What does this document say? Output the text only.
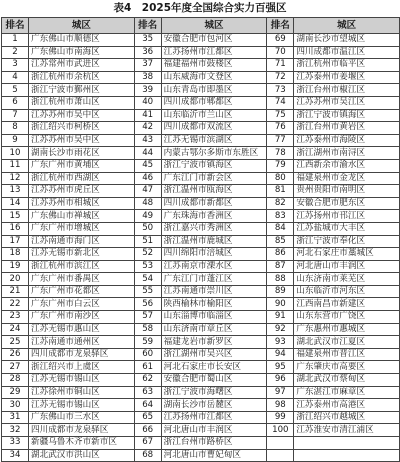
表4　2025年度全国综合实力百强区
排名	城区	排名	城区	排名	城区
1	广东佛山市顺德区	35	安徽合肥市包河区	69	湖南长沙市望城区
2	广东佛山市南海区	36	江苏扬州市江都区	70	四川成都市温江区
3	江苏常州市武进区	37	福建福州市鼓楼区	71	浙江杭州市临平区
4	浙江杭州市余杭区	38	山东威海市文登区	72	江苏泰州市姜堰区
5	浙江宁波市鄞州区	39	山东青岛市即墨区	73	浙江台州市椒江区
6	浙江杭州市萧山区	40	四川成都市郫都区	74	江苏苏州市吴江区
7	江苏苏州市吴中区	41	山东临沂市兰山区	75	浙江宁波市镇海区
8	浙江绍兴市柯桥区	42	四川成都市双流区	76	浙江台州市黄岩区
9	江苏苏州市吴中区	43	江苏无锡市滨湖区	77	江苏泰州市海陵区
10	湖南长沙市雨花区	44	内蒙古鄂尔多斯市东胜区	78	浙江湖州市南浔区
11	广东广州市黄埔区	45	浙江宁波市镇海区	79	江西新余市渝水区
12	浙江杭州市西湖区	46	广东江门市新会区	80	福建泉州市金龙区
13	江苏苏州市虎丘区	47	浙江温州市瓯海区	81	贵州贵阳市南明区
14	江苏苏州市相城区	48	四川成都市新都区	82	安徽合肥市肥东区
15	广东佛山市禅城区	49	广东珠海市香洲区	83	江苏扬州市邗江区
16	广东广州市增城区	50	浙江嘉兴市秀洲区	84	江苏盐城市大丰区
17	江苏南通市海门区	51	浙江温州市鹿城区	85	浙江宁波市奉化区
18	江苏无锡市新北区	52	四川绵阳市涪城区	86	河北石家庄市藁城区
19	浙江杭州市滨江区	53	江苏南京市溧水区	87	河北唐山市丰润区
20	广东广州市番禺区	54	广东江门市蓬江区	88	山东济南市莱芜区
21	广东广州市花都区	55	江苏南通市崇川区	89	山东临沂市河东区
22	广东广州市白云区	56	陕西榆林市榆阳区	90	江西南昌市新建区
23	广东广州市南沙区	57	山东淄博市临淄区	91	山东东营市广饶区
24	江苏无锡市惠山区	58	山东济南市章丘区	92	广东惠州市惠城区
25	江苏南通市通州区	59	福建龙岩市新罗区	93	湖北武汉市江夏区
26	四川成都市龙泉驿区	60	浙江湖州市吴兴区	94	福建泉州市晋江区
27	浙江绍兴市上虞区	61	河北石家庄市长安区	95	广东肇庆市高要区
28	江苏无锡市锡山区	62	安徽合肥市蜀山区	96	湖北武汉市蔡甸区
29	江苏徐州市铜山区	63	浙江宁波市海曙区	97	广东湛江市麻章区
30	江苏无锡市锡山区	64	湖南长沙市岳麓区	98	江苏泰州市高港区
31	广东佛山市三水区	65	江苏扬州市江都区	99	浙江绍兴市越城区
32	四川成都市龙泉驿区	66	河北唐山市丰润区	100	江苏淮安市清江浦区
33	新疆乌鲁木齐市新市区	67	浙江台州市路桥区		
34	湖北武汉市洪山区	68	河北唐山市曹妃甸区		
